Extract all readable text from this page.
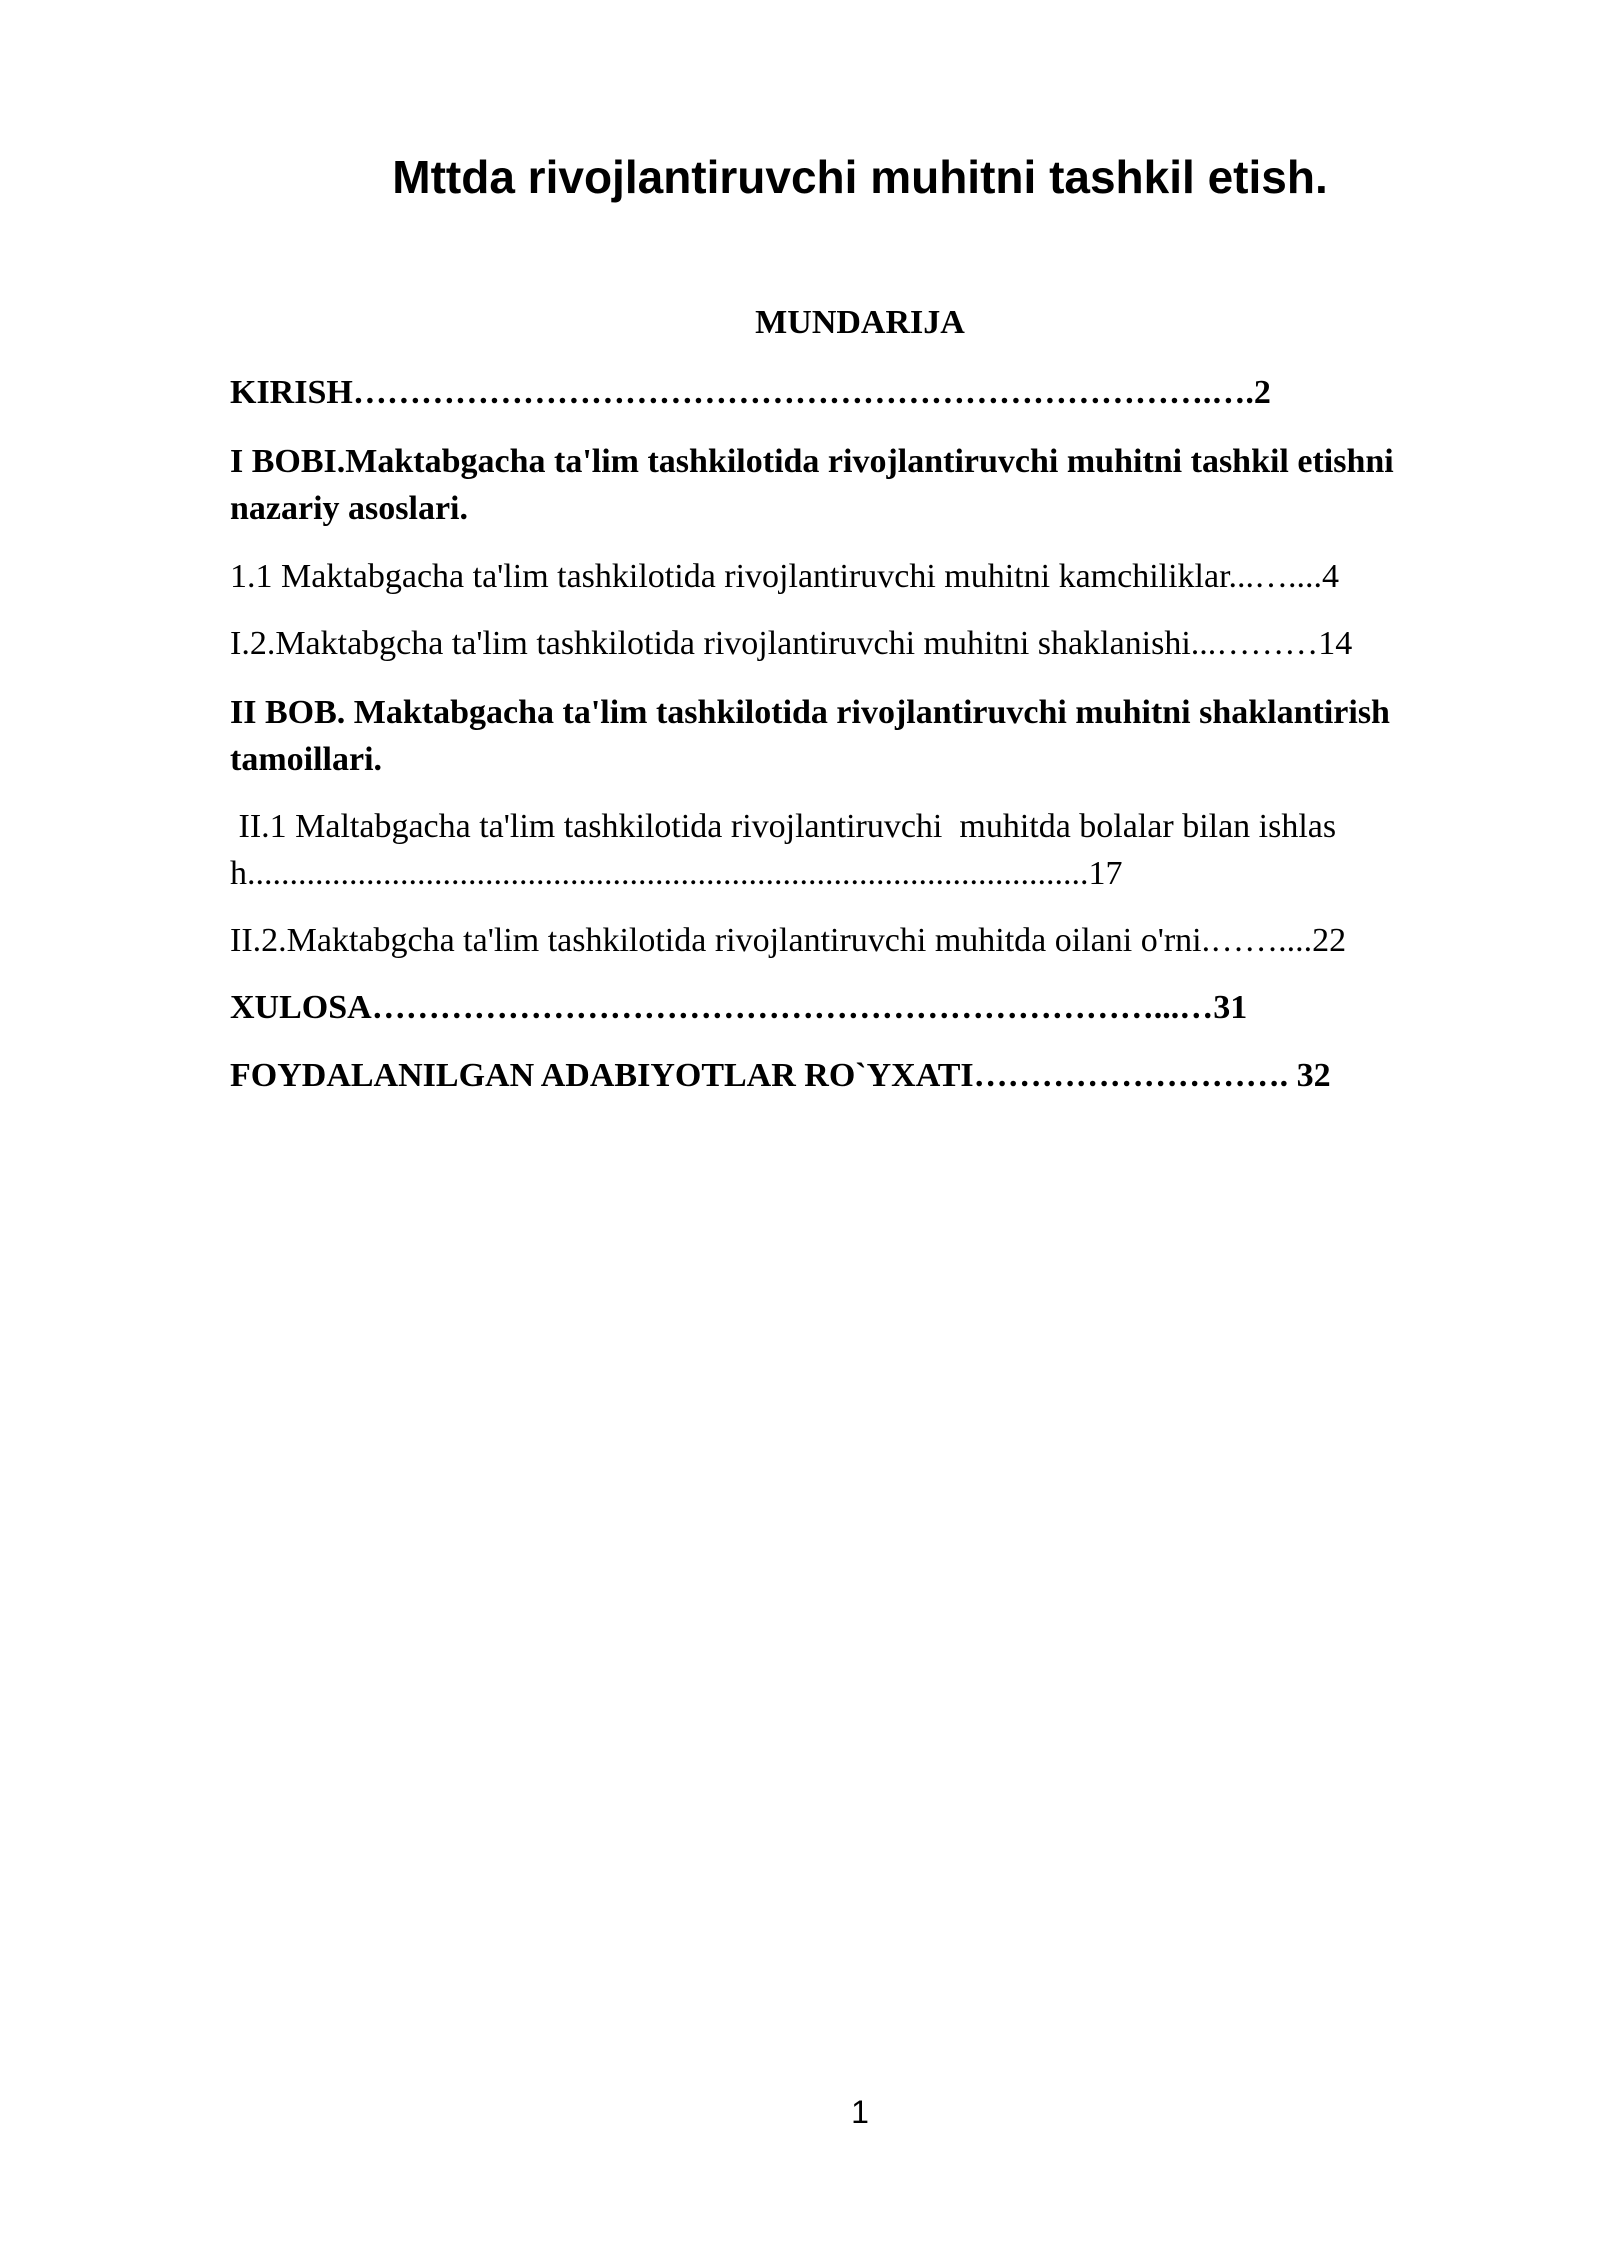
Mttda rivojlantiruvchi muhitni tashkil etish.
MUNDARIJA
KIRISH………………………………………………………………….….2
I BOBI.Maktabgacha ta'lim tashkilotida rivojlantiruvchi muhitni tashkil etishni nazariy asoslari.
1.1 Maktabgacha ta'lim tashkilotida rivojlantiruvchi muhitni kamchiliklar...…....4
I.2.Maktabgcha ta'lim tashkilotida rivojlantiruvchi muhitni shaklanishi...………14
II BOB. Maktabgacha ta'lim tashkilotida rivojlantiruvchi muhitni shaklantirish tamoillari.
II.1 Maltabgacha ta'lim tashkilotida rivojlantiruvchi  muhitda bolalar bilan ishlash...................................................................................................17
II.2.Maktabgcha ta'lim tashkilotida rivojlantiruvchi muhitda oilani o'rni.……....22
XULOSA……………………………………………………………...…31
FOYDALANILGAN ADABIYOTLAR RO`YXATI………………………. 32
1
